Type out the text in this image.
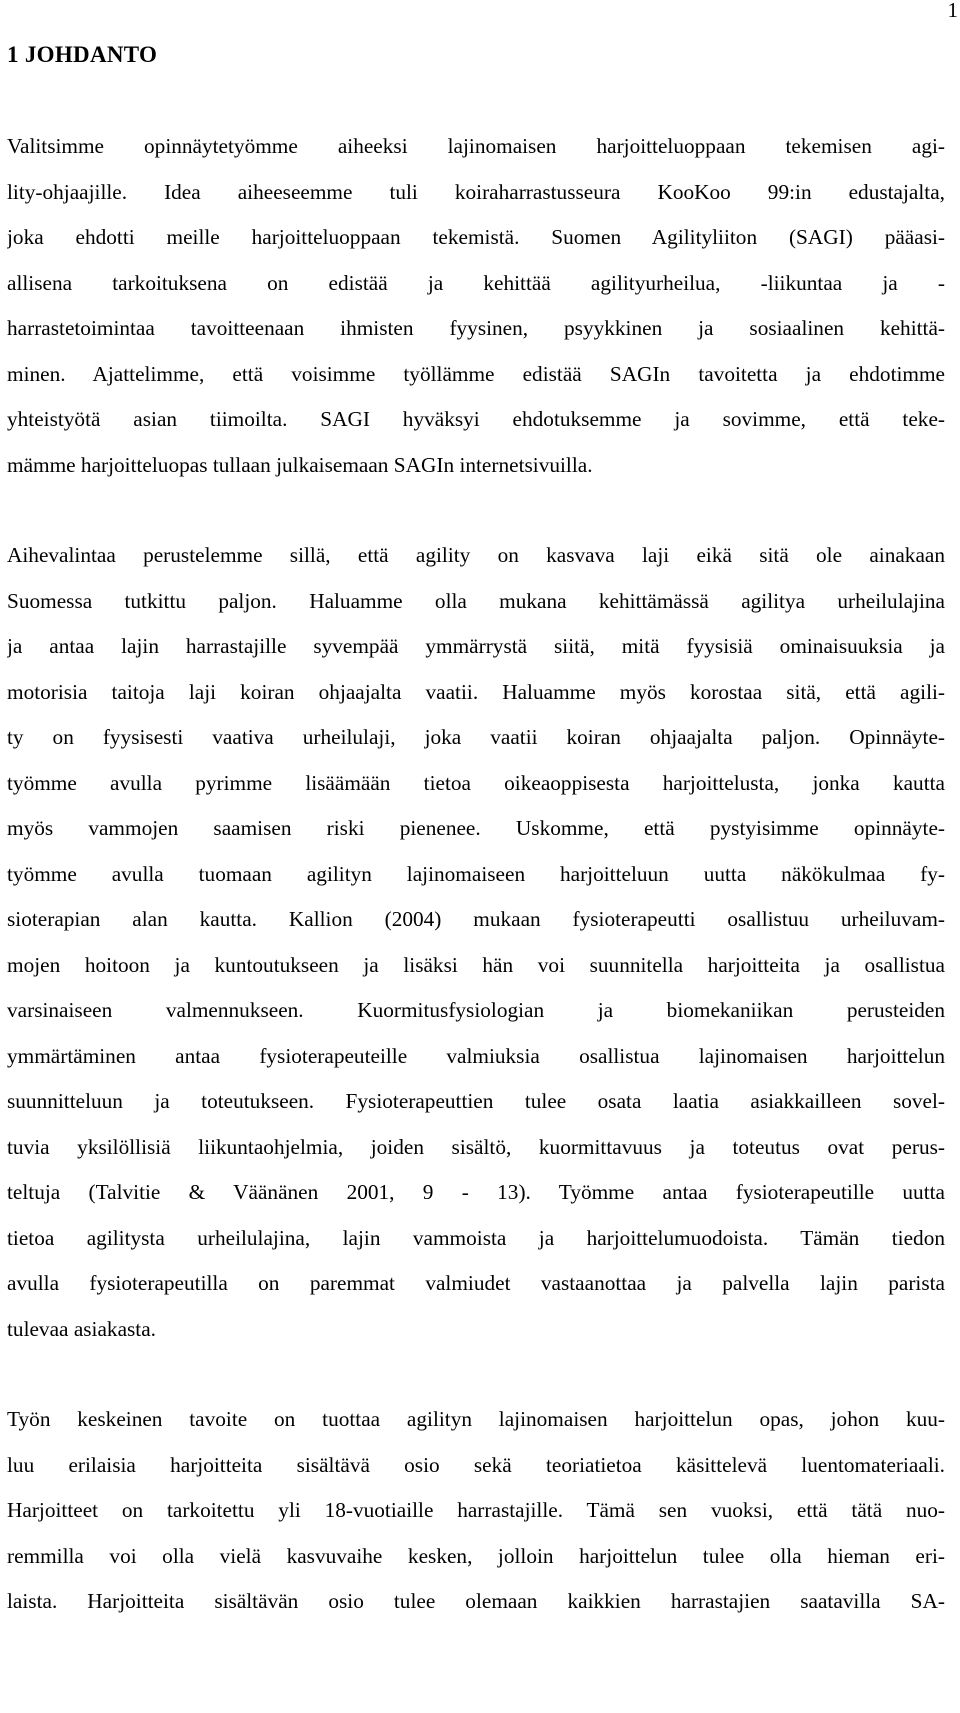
1
1 JOHDANTO
Valitsimme opinnäytetyömme aiheeksi lajinomaisen harjoitteluoppaan tekemisen agi-
lity-ohjaajille. Idea aiheeseemme tuli koiraharrastusseura KooKoo 99:in edustajalta,
joka ehdotti meille harjoitteluoppaan tekemistä. Suomen Agilityliiton (SAGI) pääasi-
allisena tarkoituksena on edistää ja kehittää agilityurheilua, -liikuntaa ja -
harrastetoimintaa tavoitteenaan ihmisten fyysinen, psyykkinen ja sosiaalinen kehittä-
minen. Ajattelimme, että voisimme työllämme edistää SAGIn tavoitetta ja ehdotimme
yhteistyötä asian tiimoilta. SAGI hyväksyi ehdotuksemme ja sovimme, että teke-
mämme harjoitteluopas tullaan julkaisemaan SAGIn internetsivuilla.
Aihevalintaa perustelemme sillä, että agility on kasvava laji eikä sitä ole ainakaan
Suomessa tutkittu paljon. Haluamme olla mukana kehittämässä agilitya urheilulajina
ja antaa lajin harrastajille syvempää ymmärrystä siitä, mitä fyysisiä ominaisuuksia ja
motorisia taitoja laji koiran ohjaajalta vaatii. Haluamme myös korostaa sitä, että agili-
ty on fyysisesti vaativa urheilulaji, joka vaatii koiran ohjaajalta paljon. Opinnäyte-
työmme avulla pyrimme lisäämään tietoa oikeaoppisesta harjoittelusta, jonka kautta
myös vammojen saamisen riski pienenee. Uskomme, että pystyisimme opinnäyte-
työmme avulla tuomaan agilityn lajinomaiseen harjoitteluun uutta näkökulmaa fy-
sioterapian alan kautta. Kallion (2004) mukaan fysioterapeutti osallistuu urheiluvam-
mojen hoitoon ja kuntoutukseen ja lisäksi hän voi suunnitella harjoitteita ja osallistua
varsinaiseen valmennukseen. Kuormitusfysiologian ja biomekaniikan perusteiden
ymmärtäminen antaa fysioterapeuteille valmiuksia osallistua lajinomaisen harjoittelun
suunnitteluun ja toteutukseen. Fysioterapeuttien tulee osata laatia asiakkailleen sovel-
tuvia yksilöllisiä liikuntaohjelmia, joiden sisältö, kuormittavuus ja toteutus ovat perus-
teltuja (Talvitie & Väänänen 2001, 9 - 13). Työmme antaa fysioterapeutille uutta
tietoa agilitysta urheilulajina, lajin vammoista ja harjoittelumuodoista. Tämän tiedon
avulla fysioterapeutilla on paremmat valmiudet vastaanottaa ja palvella lajin parista
tulevaa asiakasta.
Työn keskeinen tavoite on tuottaa agilityn lajinomaisen harjoittelun opas, johon kuu-
luu erilaisia harjoitteita sisältävä osio sekä teoriatietoa käsittelevä luentomateriaali.
Harjoitteet on tarkoitettu yli 18-vuotiaille harrastajille. Tämä sen vuoksi, että tätä nuo-
remmilla voi olla vielä kasvuvaihe kesken, jolloin harjoittelun tulee olla hieman eri-
laista. Harjoitteita sisältävän osio tulee olemaan kaikkien harrastajien saatavilla SA-
